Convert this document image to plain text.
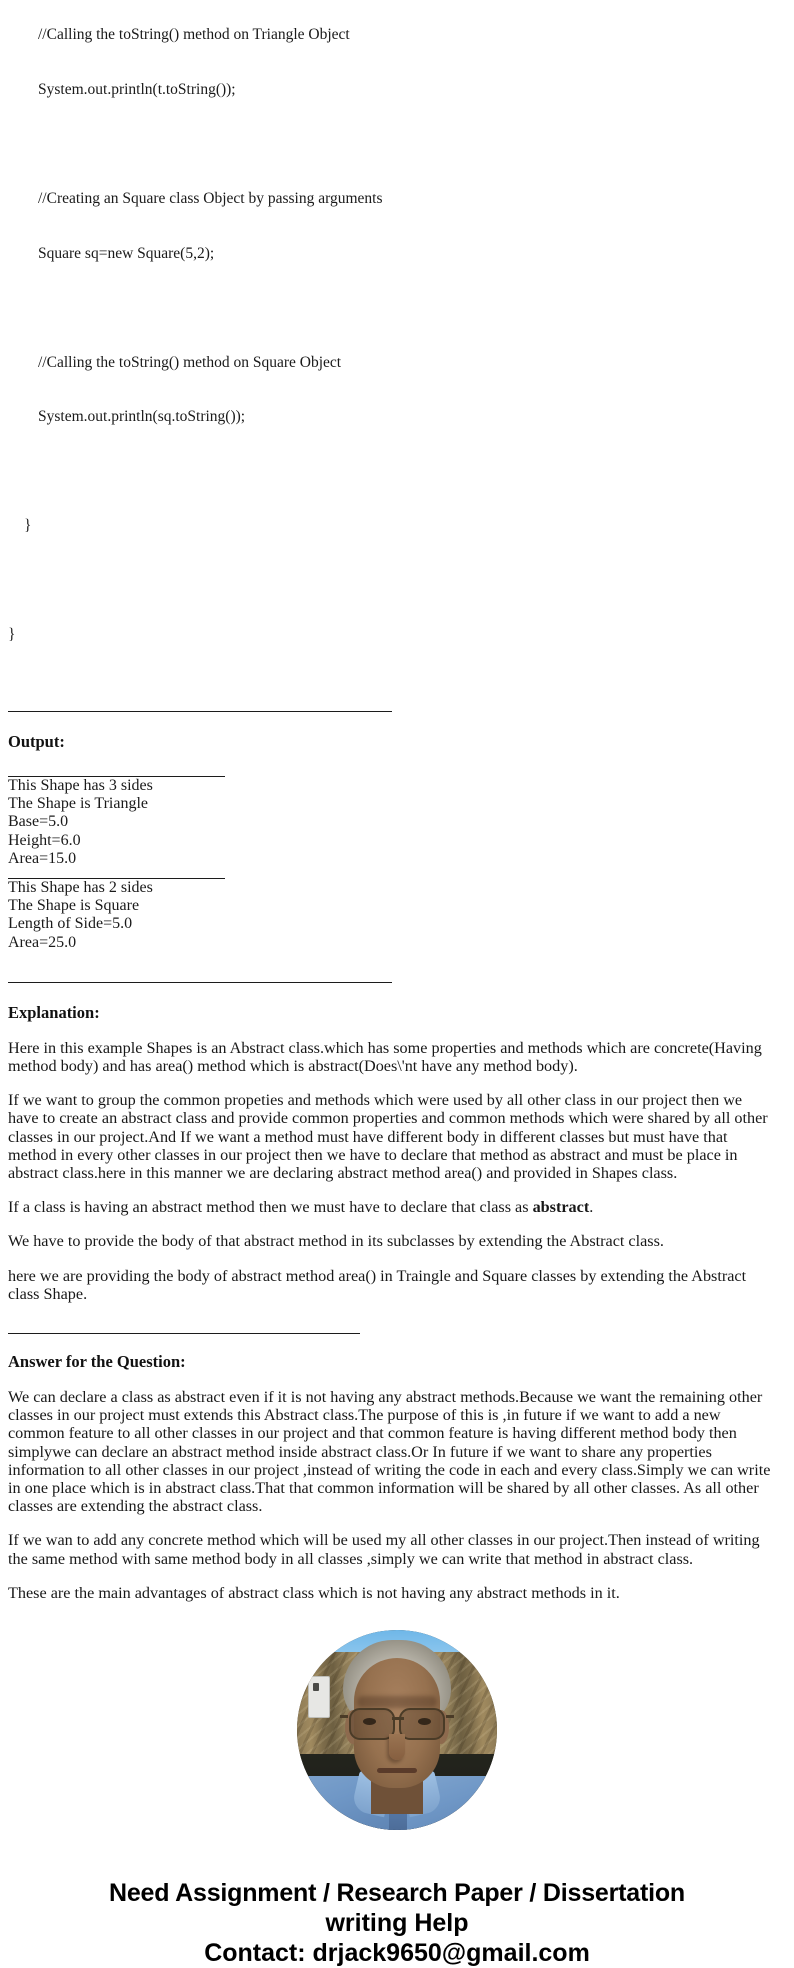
//Calling the toString() method on Triangle Object

System.out.println(t.toString());

//Creating an Square class Object by passing arguments

Square sq=new Square(5,2);

//Calling the toString() method on Square Object

System.out.println(sq.toString());

}

}

Output:
This Shape has 3 sides
The Shape is Triangle
Base=5.0
Height=6.0
Area=15.0
This Shape has 2 sides
The Shape is Square
Length of Side=5.0
Area=25.0
Explanation:

Here in this example Shapes is an Abstract class.which has some properties and methods which are concrete(Having method body) and has area() method which is abstract(Does\'nt have any method body).

If we want to group the common propeties and methods which were used by all other class in our project then we have to create an abstract class and provide common properties and common methods which were shared by all other classes in our project.And If we want a method must have different body in different classes but must have that method in every other classes in our project then we have to declare that method as abstract and must be place in abstract class.here in this manner we are declaring abstract method area() and provided in Shapes class.

If a class is having an abstract method then we must have to declare that class as abstract.

We have to provide the body of that abstract method in its subclasses by extending the Abstract class.

here we are providing the body of abstract method area() in Traingle and Square classes by extending the Abstract class Shape.

Answer for the Question:

We can declare a class as abstract even if it is not having any abstract methods.Because we want the remaining other classes in our project must extends this Abstract class.The purpose of this is ,in future if we want to add a new common feature to all other classes in our project and that common feature is having different method body then simplywe can declare an abstract method inside abstract class.Or In future if we want to share any properties information to all other classes in our project ,instead of writing the code in each and every class.Simply we can write in one place which is in abstract class.That that common information will be shared by all other classes. As all other classes are extending the abstract class.

If we wan to add any concrete method which will be used my all other classes in our project.Then instead of writing the same method with same method body in all classes ,simply we can write that method in abstract class.

These are the main advantages of abstract class which is not having any abstract methods in it.

Need Assignment / Research Paper / Dissertation
writing Help
Contact: drjack9650@gmail.com
